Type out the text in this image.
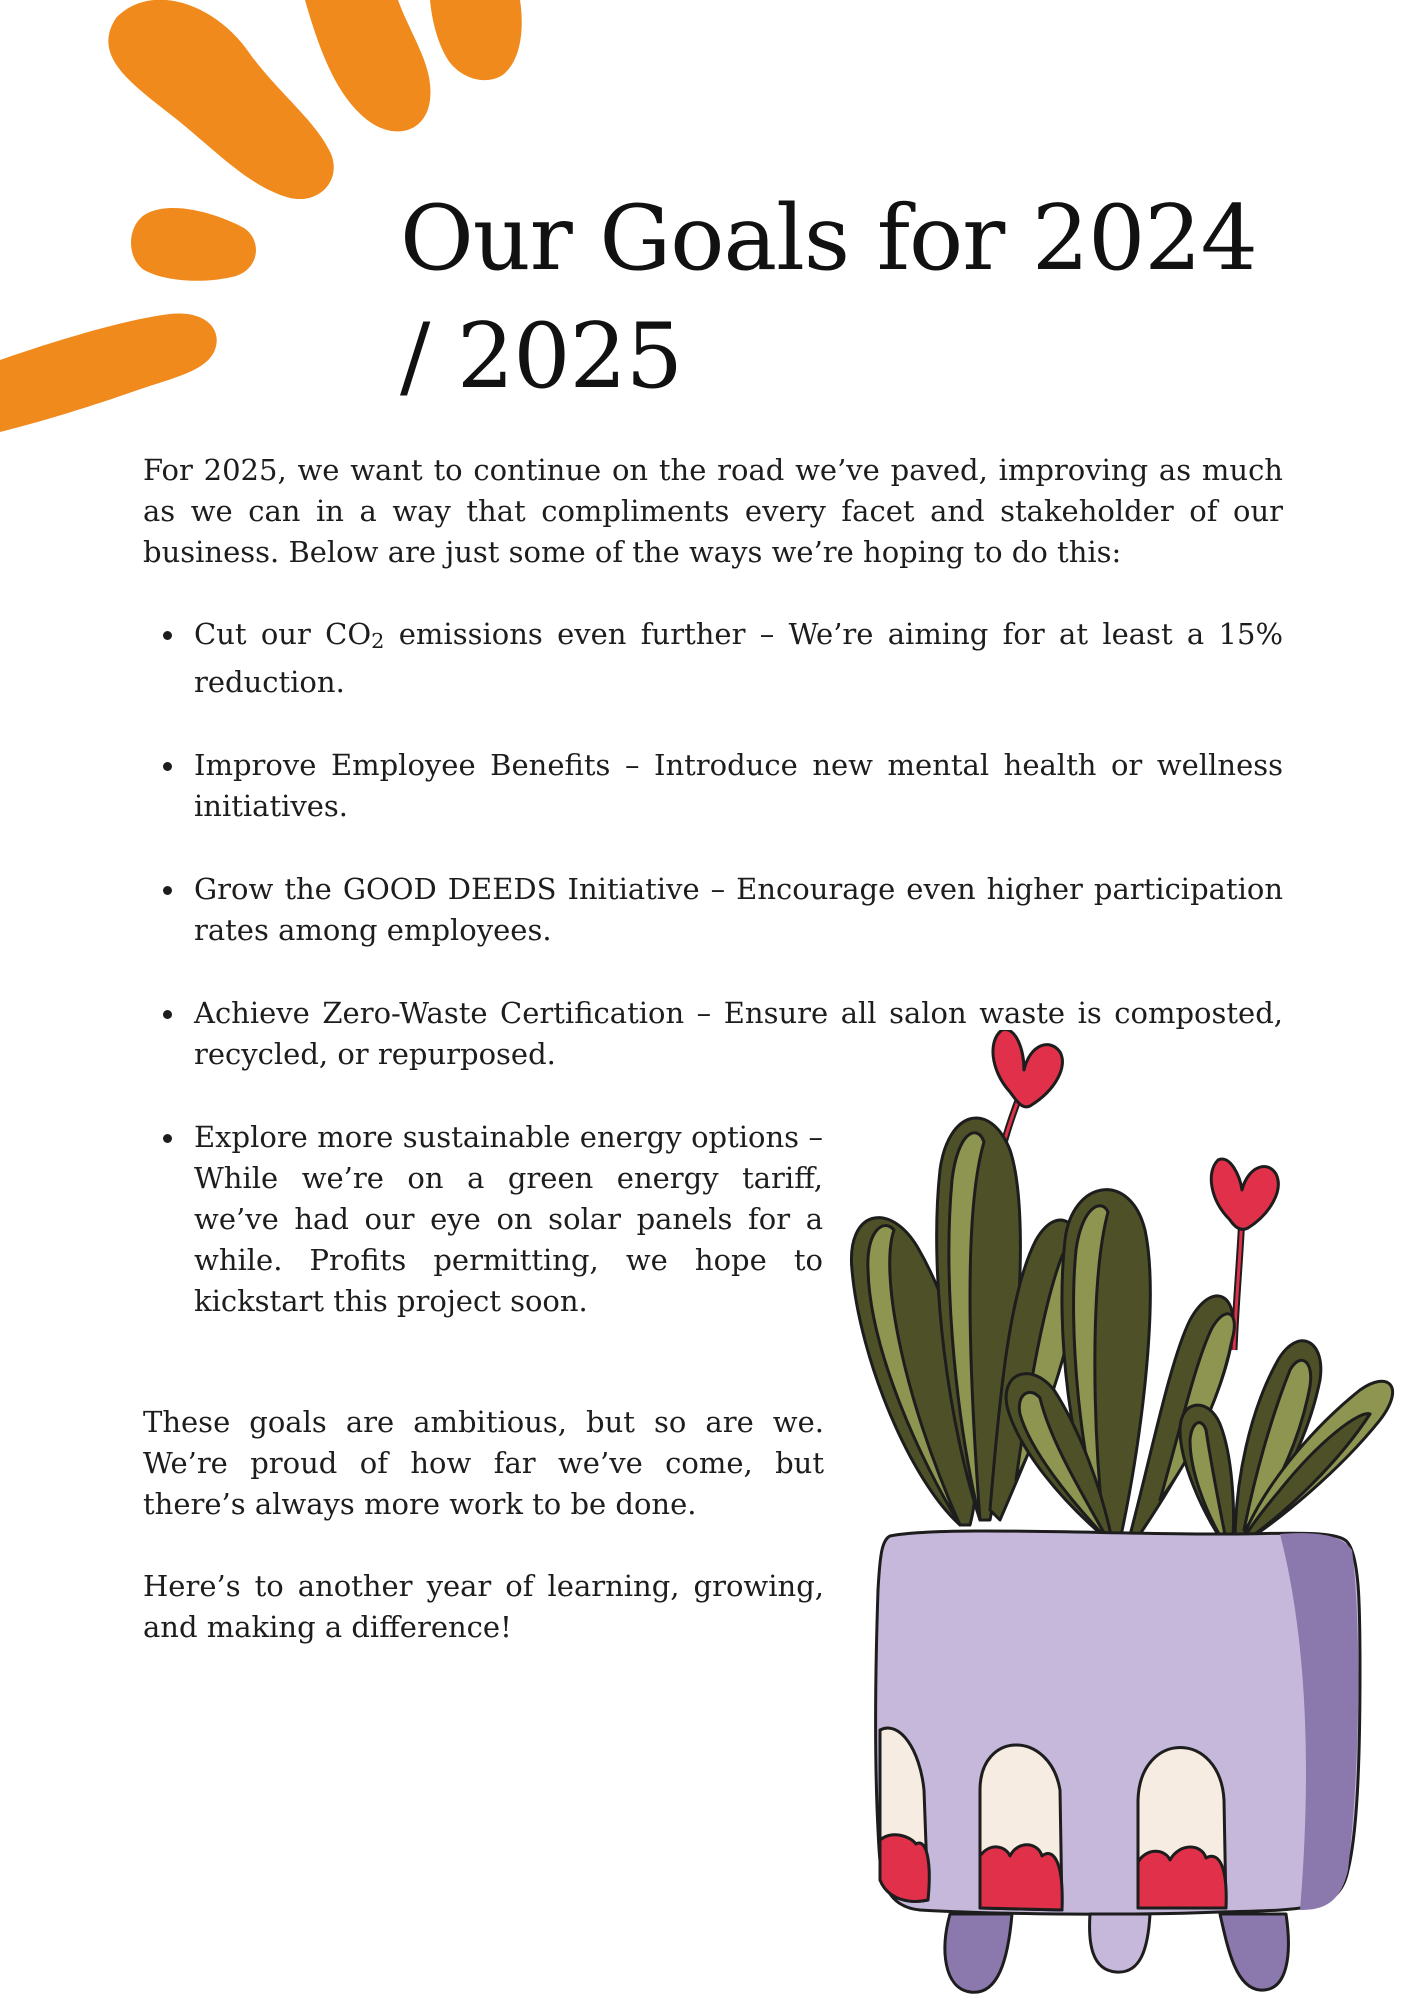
Our Goals for 2024 / 2025

For 2025, we want to continue on the road we’ve paved, improving as much as we can in a way that compliments every facet and stakeholder of our business. Below are just some of the ways we’re hoping to do this:

Cut our $CO_2$ emissions even further – We’re aiming for at least a 15% reduction.
Improve Employee Benefits – Introduce new mental health or wellness initiatives.
Grow the GOOD DEEDS Initiative – Encourage even higher participation rates among employees.
Achieve Zero-Waste Certification – Ensure all salon waste is composted, recycled, or repurposed.
Explore more sustainable energy options – While we’re on a green energy tariff, we’ve had our eye on solar panels for a while. Profits permitting, we hope to kickstart this project soon.

These goals are ambitious, but so are we. We’re proud of how far we’ve come, but there’s always more work to be done.

Here’s to another year of learning, growing, and making a difference!
